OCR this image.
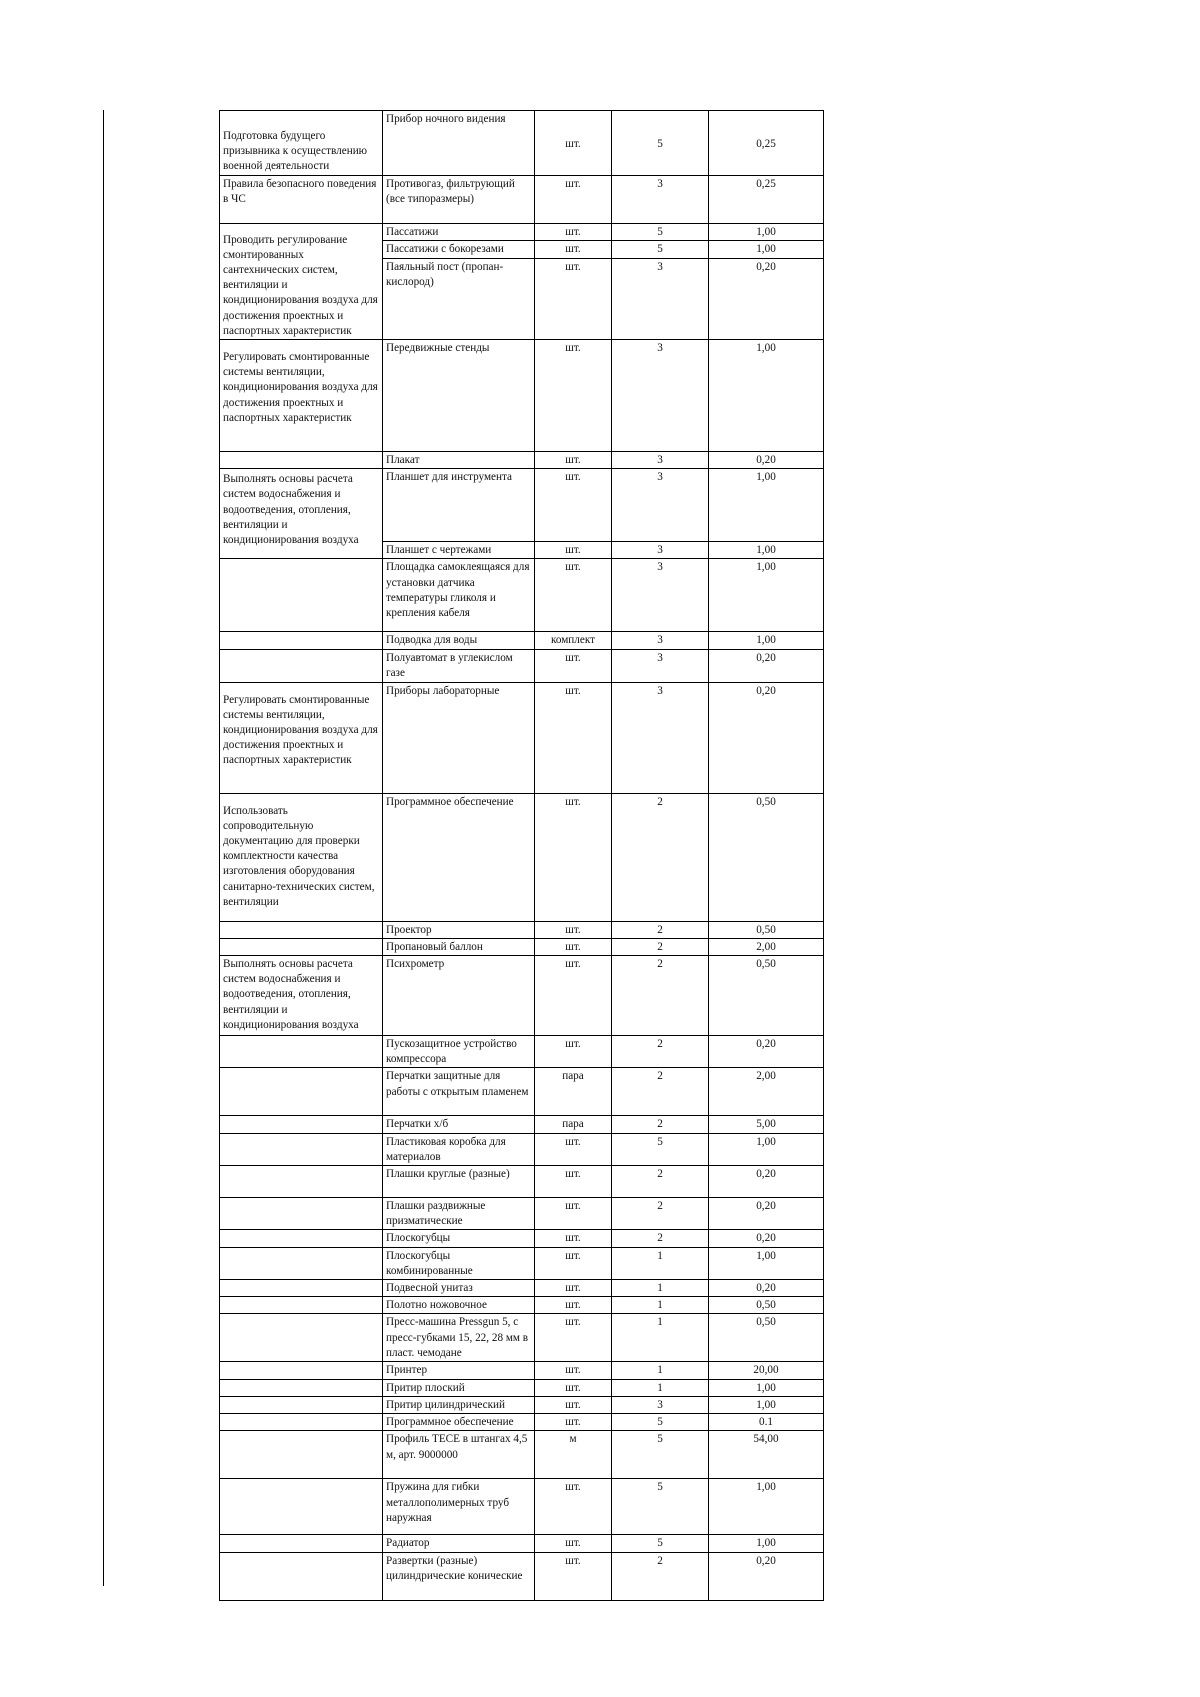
Подготовка будущего призывника к осуществлению военной деятельности	Прибор ночного видения	шт.	5	0,25

Правила безопасного поведения в ЧС	Противогаз, фильтрующий (все типоразмеры)	шт.	3	0,25

Проводить регулирование смонтированных сантехнических систем, вентиляции и кондиционирования воздуха для достижения проектных и паспортных характеристик	Пассатижи	шт.	5	1,00

	Пассатижи с бокорезами	шт.	5	1,00

	Паяльный пост (пропан-кислород)	шт.	3	0,20

Регулировать смонтированные системы вентиляции, кондиционирования воздуха для достижения проектных и паспортных характеристик	Передвижные стенды	шт.	3	1,00

	Плакат	шт.	3	0,20

Выполнять основы расчета систем водоснабжения и водоотведения, отопления, вентиляции и кондиционирования воздуха	Планшет для инструмента	шт.	3	1,00

	Планшет с чертежами	шт.	3	1,00

	Площадка самоклеящаяся для установки датчика температуры гликоля и крепления кабеля	шт.	3	1,00

	Подводка для воды	комплект	3	1,00

	Полуавтомат в углекислом газе	шт.	3	0,20

Регулировать смонтированные системы вентиляции, кондиционирования воздуха для достижения проектных и паспортных характеристик	Приборы лабораторные	шт.	3	0,20

Использовать сопроводительную документацию для проверки комплектности качества изготовления оборудования санитарно-технических систем, вентиляции	Программное обеспечение	шт.	2	0,50

	Проектор	шт.	2	0,50

	Пропановый баллон	шт.	2	2,00

Выполнять основы расчета систем водоснабжения и водоотведения, отопления, вентиляции и кондиционирования воздуха	Психрометр	шт.	2	0,50

	Пускозащитное устройство компрессора	шт.	2	0,20

	Перчатки защитные для работы с открытым пламенем	пара	2	2,00

	Перчатки х/б	пара	2	5,00

	Пластиковая коробка для материалов	шт.	5	1,00

	Плашки круглые (разные)	шт.	2	0,20

	Плашки раздвижные призматические	шт.	2	0,20

	Плоскогубцы	шт.	2	0,20

	Плоскогубцы комбинированные	шт.	1	1,00

	Подвесной унитаз	шт.	1	0,20

	Полотно ножовочное	шт.	1	0,50

	Пресс-машина Pressgun 5, с пресс-губками 15, 22, 28 мм в пласт. чемодане	шт.	1	0,50

	Принтер	шт.	1	20,00

	Притир плоский	шт.	1	1,00

	Притир цилиндрический	шт.	3	1,00

	Программное обеспечение	шт.	5	0.1

	Профиль TECE в штангах 4,5 м, арт. 9000000	м	5	54,00

	Пружина для гибки металлополимерных труб наружная	шт.	5	1,00

	Радиатор	шт.	5	1,00

	Развертки (разные) цилиндрические конические	шт.	2	0,20
